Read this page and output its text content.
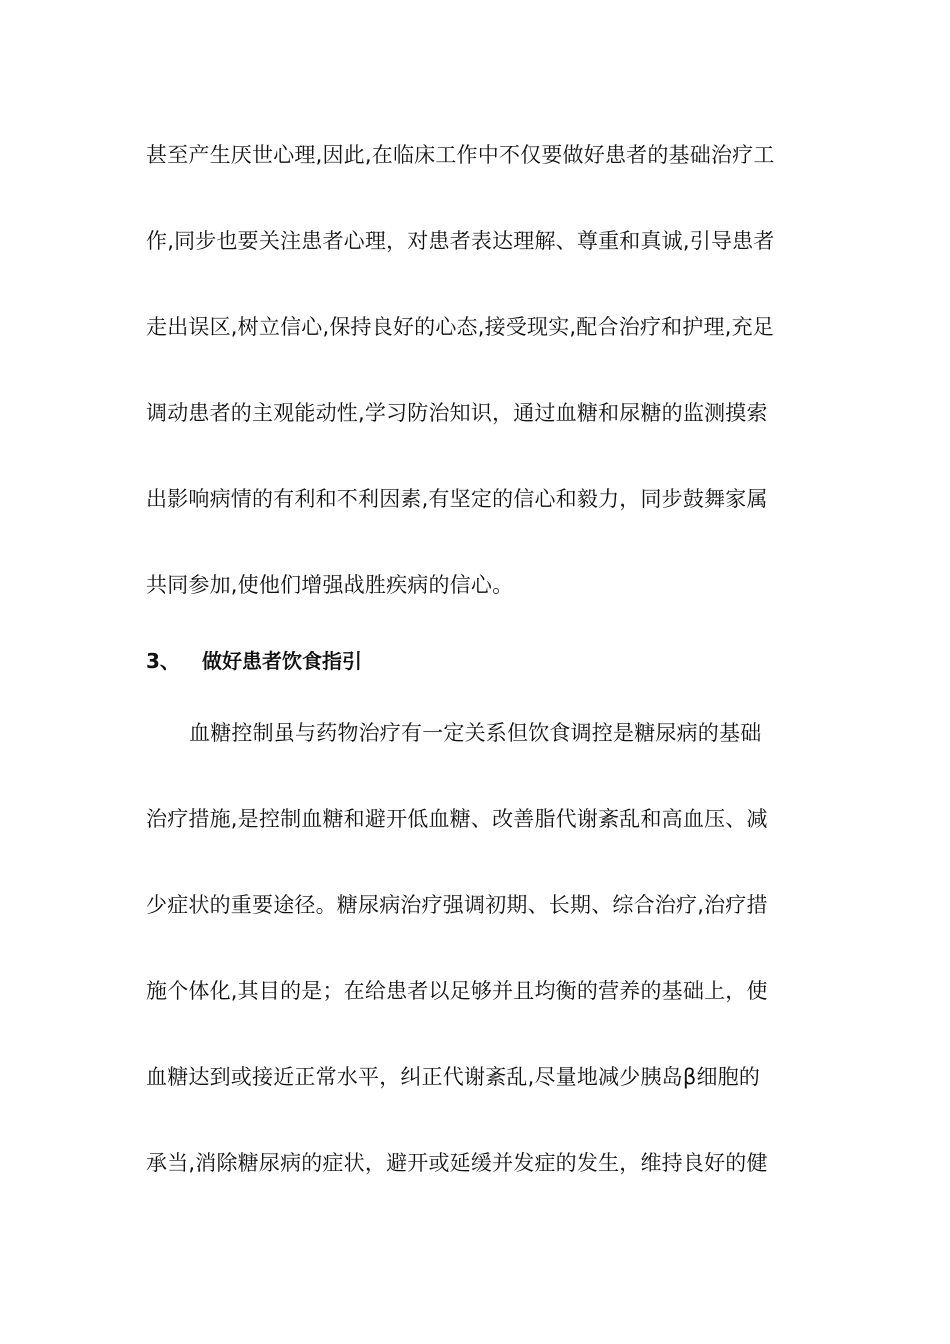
甚至产生厌世心理,因此,在临床工作中不仅要做好患者的基础治疗工
作,同步也要关注患者心理，对患者表达理解、尊重和真诚,引导患者
走出误区,树立信心,保持良好的心态,接受现实,配合治疗和护理,充足
调动患者的主观能动性,学习防治知识，通过血糖和尿糖的监测摸索
出影响病情的有利和不利因素,有坚定的信心和毅力，同步鼓舞家属
共同参加,使他们增强战胜疾病的信心。
3、 做好患者饮食指引
血糖控制虽与药物治疗有一定关系但饮食调控是糖尿病的基础
治疗措施,是控制血糖和避开低血糖、改善脂代谢紊乱和高血压、减
少症状的重要途径。糖尿病治疗强调初期、长期、综合治疗,治疗措
施个体化,其目的是；在给患者以足够并且均衡的营养的基础上，使
血糖达到或接近正常水平，纠正代谢紊乱,尽量地减少胰岛β细胞的
承当,消除糖尿病的症状，避开或延缓并发症的发生，维持良好的健
